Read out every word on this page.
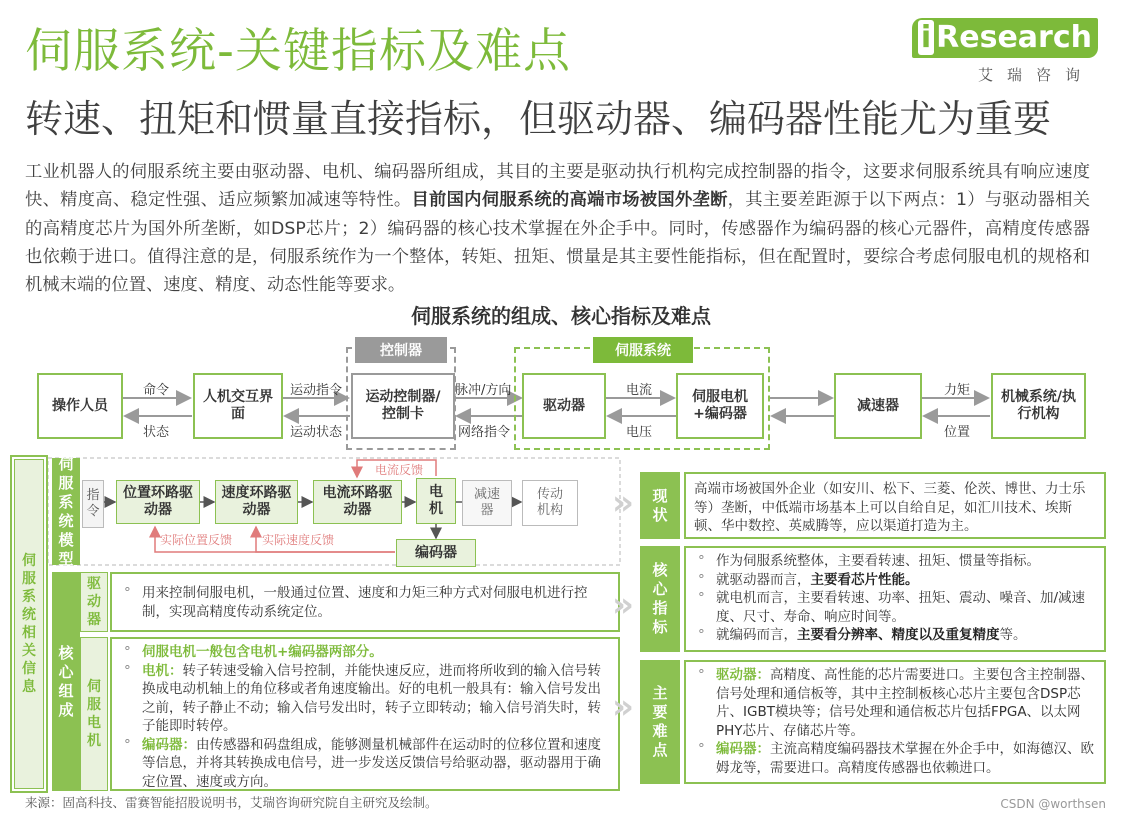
伺服系统-关键指标及难点
转速、扭矩和惯量直接指标，但驱动器、编码器性能尤为重要
i Research
艾瑞咨询
工业机器人的伺服系统主要由驱动器、电机、编码器所组成，其目的主要是驱动执行机构完成控制器的指令，这要求伺服系统具有响应速度快、精度高、稳定性强、适应频繁加减速等特性。目前国内伺服系统的高端市场被国外垄断，其主要差距源于以下两点：1）与驱动器相关的高精度芯片为国外所垄断，如DSP芯片；2）编码器的核心技术掌握在外企手中。同时，传感器作为编码器的核心元器件，高精度传感器也依赖于进口。值得注意的是，伺服系统作为一个整体，转矩、扭矩、惯量是其主要性能指标，但在配置时，要综合考虑伺服电机的规格和机械末端的位置、速度、精度、动态性能等要求。
伺服系统的组成、核心指标及难点
控制器	伺服系统
操作人员
人机交互界面
运动控制器/控制卡
驱动器
伺服电机+编码器
减速器
机械系统/执行机构
命令
状态
运动指令
运动状态
脉冲/方向
网络指令
电流
电压
力矩
位置
伺服系统相关信息
伺服系统模型
指令
位置环路驱动器
速度环路驱动器
电流环路驱动器
电机
减速器
传动机构
编码器
电流反馈
实际位置反馈 实际速度反馈
核心组成
驱动器
° 用来控制伺服电机，一般通过位置、速度和力矩三种方式对伺服电机进行控制，实现高精度传动系统定位。
伺服电机
° 伺服电机一般包含电机+编码器两部分。
° 电机：转子转速受输入信号控制，并能快速反应，进而将所收到的输入信号转换成电动机轴上的角位移或者角速度输出。好的电机一般具有：输入信号发出之前，转子静止不动；输入信号发出时，转子立即转动；输入信号消失时，转子能即时转停。
° 编码器：由传感器和码盘组成，能够测量机械部件在运动时的位移位置和速度等信息，并将其转换成电信号，进一步发送反馈信号给驱动器，驱动器用于确定位置、速度或方向。
»
»
»
现状
高端市场被国外企业（如安川、松下、三菱、伦茨、博世、力士乐等）垄断，中低端市场基本上可以自给自足，如汇川技术、埃斯顿、华中数控、英威腾等，应以渠道打造为主。
核心指标
° 作为伺服系统整体，主要看转速、扭矩、惯量等指标。
° 就驱动器而言，主要看芯片性能。
° 就电机而言，主要看转速、功率、扭矩、震动、噪音、加/减速度、尺寸、寿命、响应时间等。
° 就编码而言，主要看分辨率、精度以及重复精度等。
主要难点
° 驱动器：高精度、高性能的芯片需要进口。主要包含主控制器、信号处理和通信板等，其中主控制板核心芯片主要包含DSP芯片、IGBT模块等；信号处理和通信板芯片包括FPGA、以太网PHY芯片、存储芯片等。
° 编码器：主流高精度编码器技术掌握在外企手中，如海德汉、欧姆龙等，需要进口。高精度传感器也依赖进口。
来源：固高科技、雷赛智能招股说明书，艾瑞咨询研究院自主研究及绘制。	CSDN @worthsen
